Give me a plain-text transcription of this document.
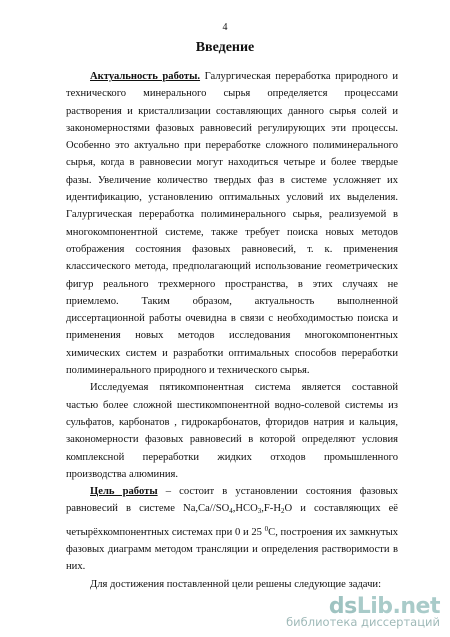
4
Введение

Актуальность работы. Галургическая переработка природного и технического минерального сырья определяется процессами растворения и кристаллизации составляющих данного сырья солей и закономерностями фазовых равновесий регулирующих эти процессы. Особенно это актуально при переработке сложного полиминерального сырья, когда в равновесии могут находиться четыре и более твердые фазы. Увеличение количество твердых фаз в системе усложняет их идентификацию, установлению оптимальных условий их выделения. Галургическая переработка полиминерального сырья, реализуемой в многокомпонентной системе, также требует поиска новых методов отображения состояния фазовых равновесий, т. к. применения классического метода, предполагающий использование геометрических фигур реального трехмерного пространства, в этих случаях не приемлемо. Таким образом, актуальность выполненной диссертационной работы очевидна в связи с необходимостью поиска и применения новых методов исследования многокомпонентных химических систем и разработки оптимальных способов переработки полиминерального природного и технического сырья.

Исследуемая пятикомпонентная система является составной частью более сложной шестикомпонентной водно-солевой системы из сульфатов, карбонатов , гидрокарбонатов, фторидов натрия и кальция, закономерности фазовых равновесий в которой определяют условия комплексной переработки жидких отходов промышленного производства алюминия.

Цель работы – состоит в установлении состояния фазовых равновесий в системе $Na,Ca//SO_4,HCO_3,F-H_2O$ и составляющих её четырёхкомпонентных системах при 0 и 25 $^0$С, построения их замкнутых фазовых диаграмм методом трансляции и определения растворимости в них.

Для достижения поставленной цели решены следующие задачи:

dsLib.net
библиотека диссертаций
